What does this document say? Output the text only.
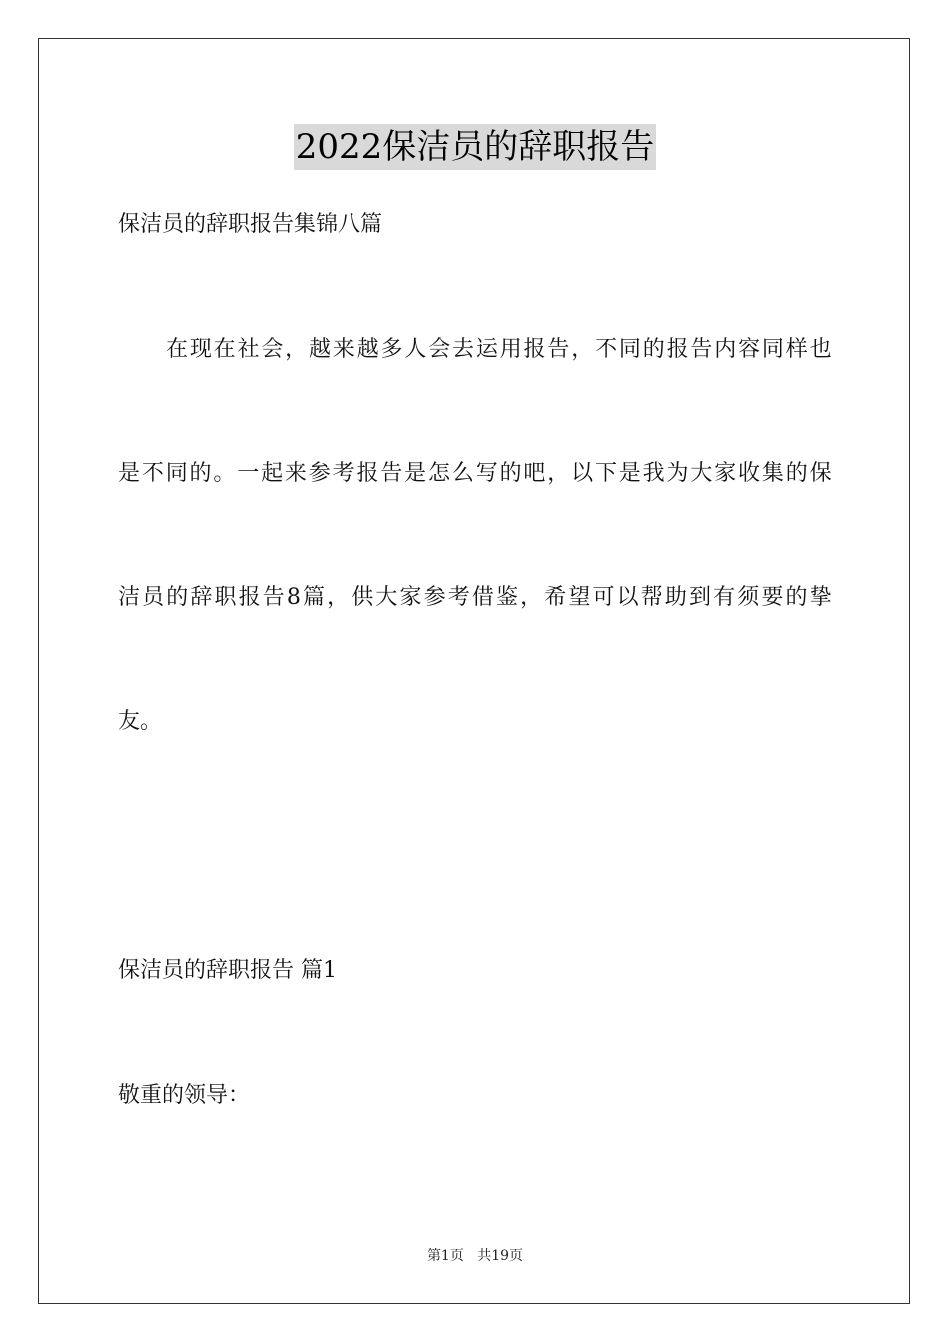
2022保洁员的辞职报告
保洁员的辞职报告集锦八篇
在现在社会，越来越多人会去运用报告，不同的报告内容同样也
是不同的。一起来参考报告是怎么写的吧，以下是我为大家收集的保
洁员的辞职报告8篇，供大家参考借鉴，希望可以帮助到有须要的挚
友。
保洁员的辞职报告 篇1
敬重的领导：
第1页 共19页
